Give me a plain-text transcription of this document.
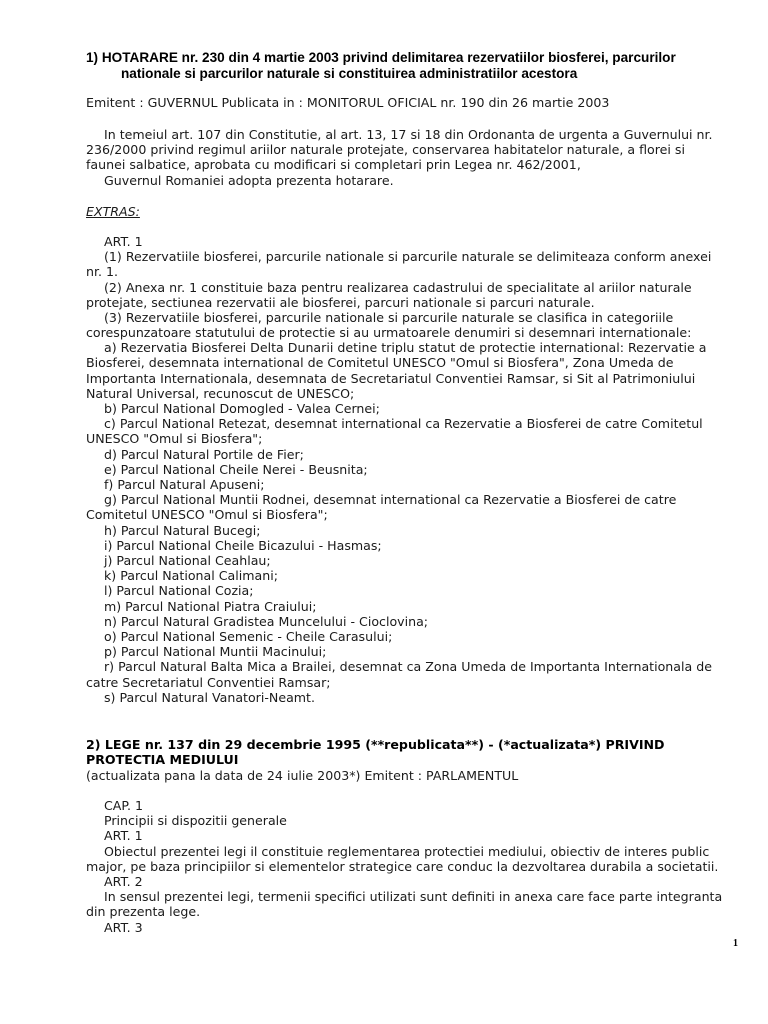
1) HOTARARE nr. 230 din 4 martie 2003 privind delimitarea rezervatiilor biosferei, parcurilor
nationale si parcurilor naturale si constituirea administratiilor acestora
Emitent : GUVERNUL Publicata in : MONITORUL OFICIAL nr. 190 din 26 martie 2003
In temeiul art. 107 din Constitutie, al art. 13, 17 si 18 din Ordonanta de urgenta a Guvernului nr.
236/2000 privind regimul ariilor naturale protejate, conservarea habitatelor naturale, a florei si
faunei salbatice, aprobata cu modificari si completari prin Legea nr. 462/2001,
Guvernul Romaniei adopta prezenta hotarare.
EXTRAS:
ART. 1
(1) Rezervatiile biosferei, parcurile nationale si parcurile naturale se delimiteaza conform anexei
nr. 1.
(2) Anexa nr. 1 constituie baza pentru realizarea cadastrului de specialitate al ariilor naturale
protejate, sectiunea rezervatii ale biosferei, parcuri nationale si parcuri naturale.
(3) Rezervatiile biosferei, parcurile nationale si parcurile naturale se clasifica in categoriile
corespunzatoare statutului de protectie si au urmatoarele denumiri si desemnari internationale:
a) Rezervatia Biosferei Delta Dunarii detine triplu statut de protectie international: Rezervatie a
Biosferei, desemnata international de Comitetul UNESCO "Omul si Biosfera", Zona Umeda de
Importanta Internationala, desemnata de Secretariatul Conventiei Ramsar, si Sit al Patrimoniului
Natural Universal, recunoscut de UNESCO;
b) Parcul National Domogled - Valea Cernei;
c) Parcul National Retezat, desemnat international ca Rezervatie a Biosferei de catre Comitetul
UNESCO "Omul si Biosfera";
d) Parcul Natural Portile de Fier;
e) Parcul National Cheile Nerei - Beusnita;
f) Parcul Natural Apuseni;
g) Parcul National Muntii Rodnei, desemnat international ca Rezervatie a Biosferei de catre
Comitetul UNESCO "Omul si Biosfera";
h) Parcul Natural Bucegi;
i) Parcul National Cheile Bicazului - Hasmas;
j) Parcul National Ceahlau;
k) Parcul National Calimani;
l) Parcul National Cozia;
m) Parcul National Piatra Craiului;
n) Parcul Natural Gradistea Muncelului - Cioclovina;
o) Parcul National Semenic - Cheile Carasului;
p) Parcul National Muntii Macinului;
r) Parcul Natural Balta Mica a Brailei, desemnat ca Zona Umeda de Importanta Internationala de
catre Secretariatul Conventiei Ramsar;
s) Parcul Natural Vanatori-Neamt.
2) LEGE nr. 137 din 29 decembrie 1995 (**republicata**) - (*actualizata*) PRIVIND
PROTECTIA MEDIULUI
(actualizata pana la data de 24 iulie 2003*) Emitent : PARLAMENTUL
CAP. 1
Principii si dispozitii generale
ART. 1
Obiectul prezentei legi il constituie reglementarea protectiei mediului, obiectiv de interes public
major, pe baza principiilor si elementelor strategice care conduc la dezvoltarea durabila a societatii.
ART. 2
In sensul prezentei legi, termenii specifici utilizati sunt definiti in anexa care face parte integranta
din prezenta lege.
ART. 3
1
